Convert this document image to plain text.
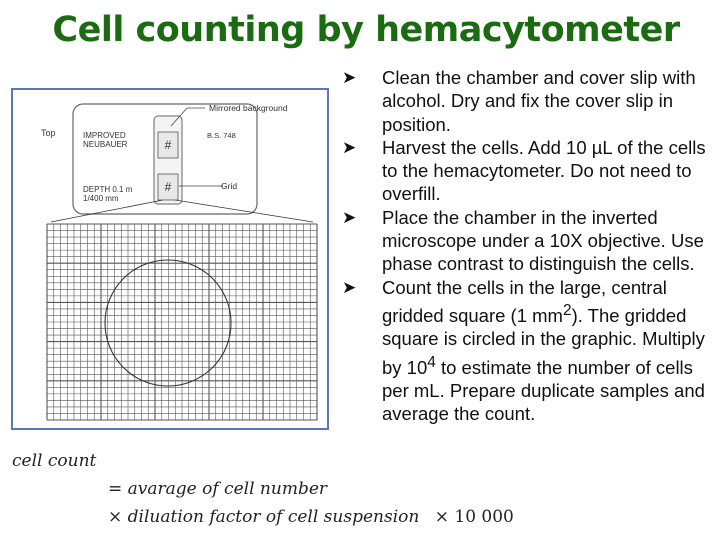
Cell counting by hemacytometer
#
#
Top
Mirrored background
Grid
IMPROVED
NEUBAUER
B.S. 748
DEPTH 0.1 m
1/400 mm
➤ Clean the chamber and cover slip with alcohol. Dry and fix the cover slip in position.
➤ Harvest the cells. Add 10 µL of the cells to the hemacytometer. Do not need to overfill.
➤ Place the chamber in the inverted microscope under a 10X objective. Use phase contrast to distinguish the cells.
➤ Count the cells in the large, central gridded square (1 $mm^2$). The gridded square is circled in the graphic. Multiply by $10^4$ to estimate the number of cells per mL. Prepare duplicate samples and average the count.
cell count
= avarage of cell number
× diluation factor of cell suspension × 10 000
